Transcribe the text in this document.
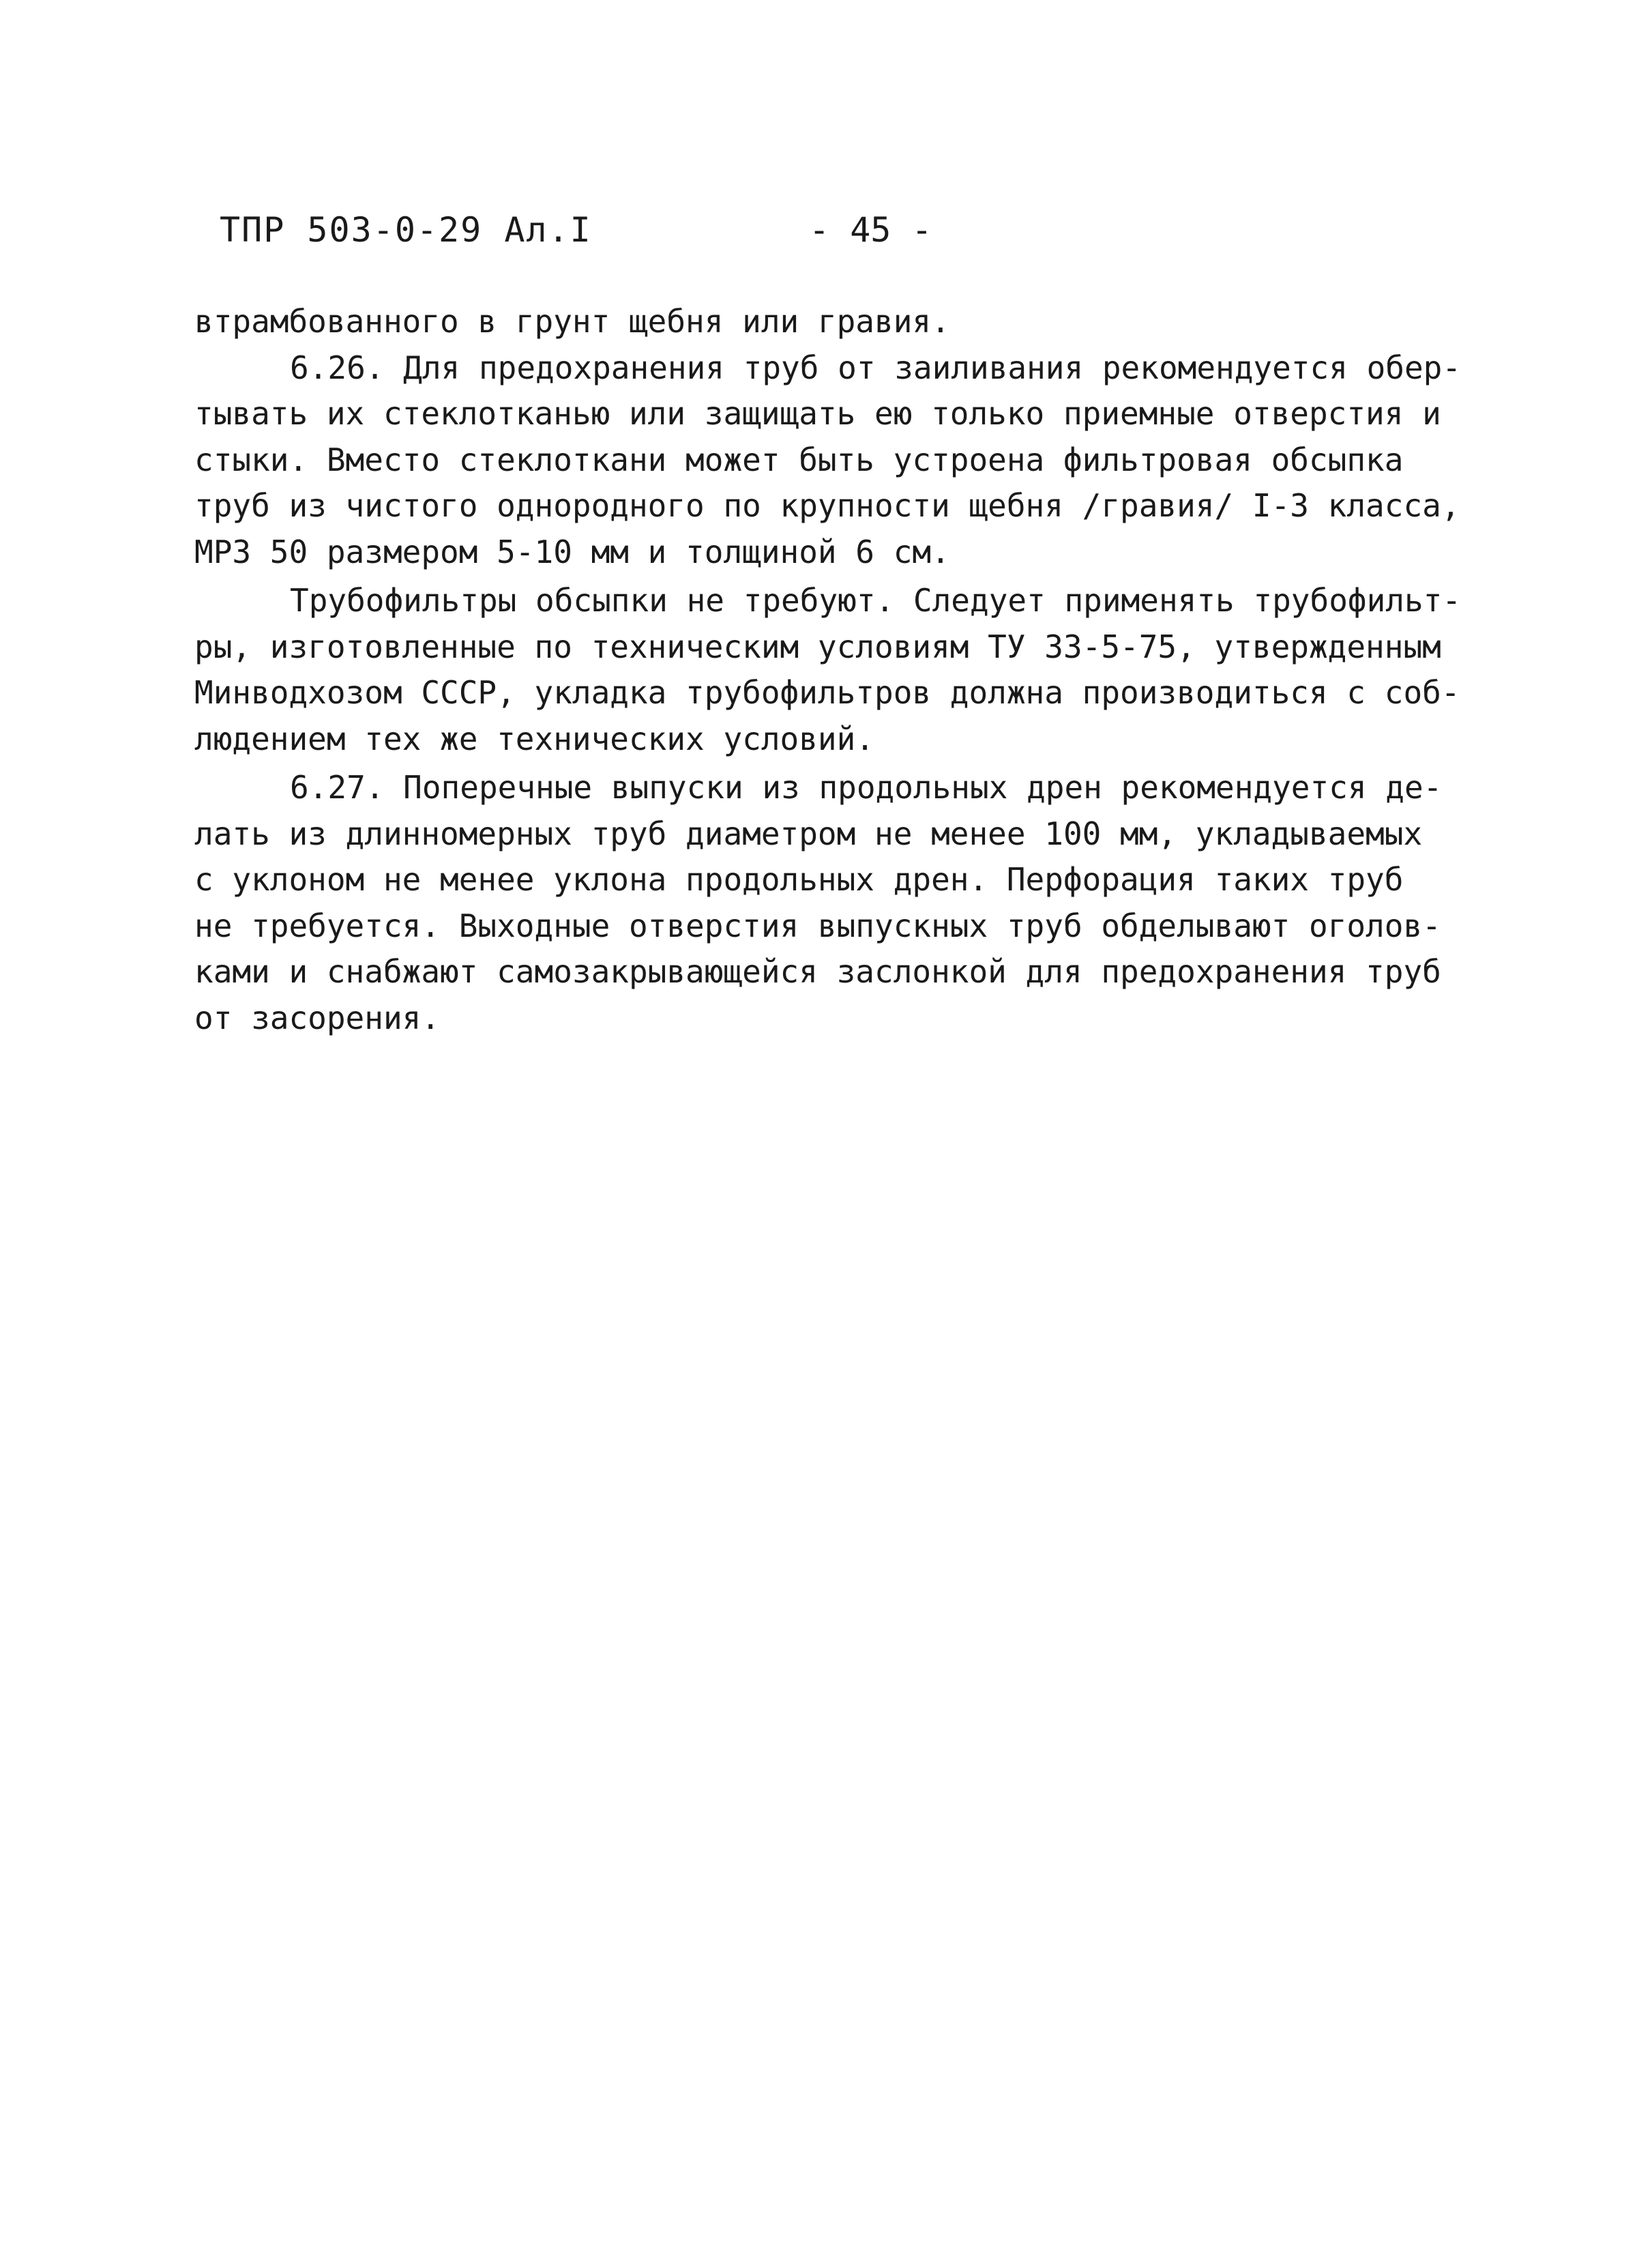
ТПР 503-0-29 Ал.I	- 45 -
втрамбованного в грунт щебня или гравия.
6.26. Для предохранения труб от заиливания рекомендуется обер-
тывать их стеклотканью или защищать ею только приемные отверстия и
стыки. Вместо стеклоткани может быть устроена фильтровая обсыпка
труб из чистого однородного по крупности щебня /гравия/ I-3 класса,
МРЗ 50 размером 5-10 мм и толщиной 6 см.
Трубофильтры обсыпки не требуют. Следует применять трубофильт-
ры, изготовленные по техническим условиям ТУ 33-5-75, утвержденным
Минводхозом СССР, укладка трубофильтров должна производиться с соб-
людением тех же технических условий.
6.27. Поперечные выпуски из продольных дрен рекомендуется де-
лать из длинномерных труб диаметром не менее 100 мм, укладываемых
с уклоном не менее уклона продольных дрен. Перфорация таких труб
не требуется. Выходные отверстия выпускных труб обделывают оголов-
ками и снабжают самозакрывающейся заслонкой для предохранения труб
от засорения.
